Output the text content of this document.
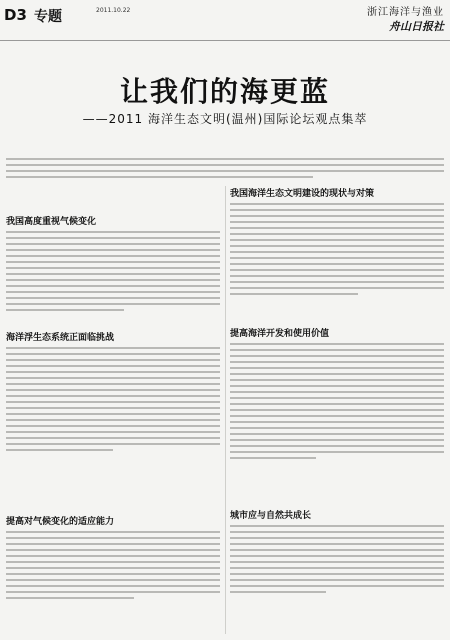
D3 专题	2011.10.22	浙江海洋与渔业
舟山日报社
让我们的海更蓝
——2011 海洋生态文明(温州)国际论坛观点集萃
我国海洋生态文明建设的现状与对策
我国高度重视气候变化
提高海洋开发和使用价值
海洋浮生态系统正面临挑战
城市应与自然共成长
提高对气候变化的适应能力
